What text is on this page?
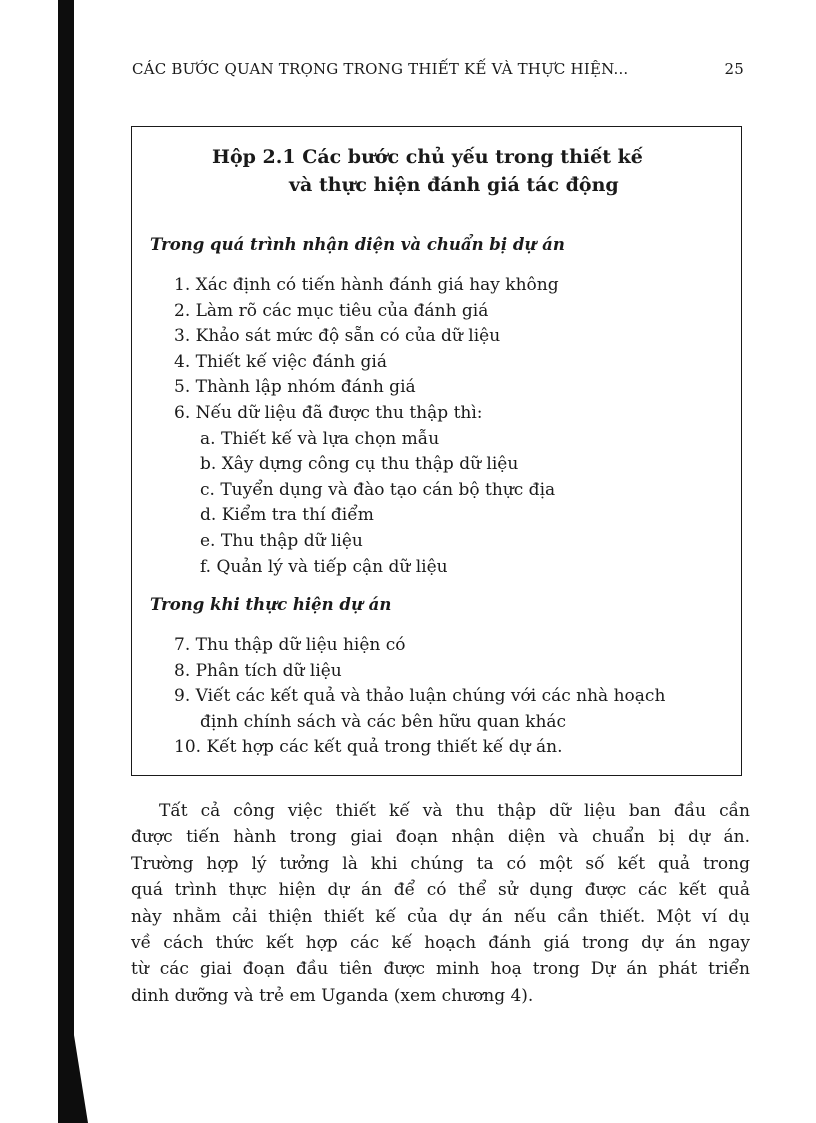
CÁC BƯỚC QUAN TRỌNG TRONG THIẾT KẾ VÀ THỰC HIỆN...	25
Hộp 2.1 Các bước chủ yếu trong thiết kế
và thực hiện đánh giá tác động
Trong quá trình nhận diện và chuẩn bị dự án
1. Xác định có tiến hành đánh giá hay không
2. Làm rõ các mục tiêu của đánh giá
3. Khảo sát mức độ sẵn có của dữ liệu
4. Thiết kế việc đánh giá
5. Thành lập nhóm đánh giá
6. Nếu dữ liệu đã được thu thập thì:
a. Thiết kế và lựa chọn mẫu
b. Xây dựng công cụ thu thập dữ liệu
c. Tuyển dụng và đào tạo cán bộ thực địa
d. Kiểm tra thí điểm
e. Thu thập dữ liệu
f. Quản lý và tiếp cận dữ liệu
Trong khi thực hiện dự án
7. Thu thập dữ liệu hiện có
8. Phân tích dữ liệu
9. Viết các kết quả và thảo luận chúng với các nhà hoạch
định chính sách và các bên hữu quan khác
10. Kết hợp các kết quả trong thiết kế dự án.
Tất cả công việc thiết kế và thu thập dữ liệu ban đầu cần
được tiến hành trong giai đoạn nhận diện và chuẩn bị dự án.
Trường hợp lý tưởng là khi chúng ta có một số kết quả trong
quá trình thực hiện dự án để có thể sử dụng được các kết quả
này nhằm cải thiện thiết kế của dự án nếu cần thiết. Một ví dụ
về cách thức kết hợp các kế hoạch đánh giá trong dự án ngay
từ các giai đoạn đầu tiên được minh hoạ trong Dự án phát triển
dinh dưỡng và trẻ em Uganda (xem chương 4).
